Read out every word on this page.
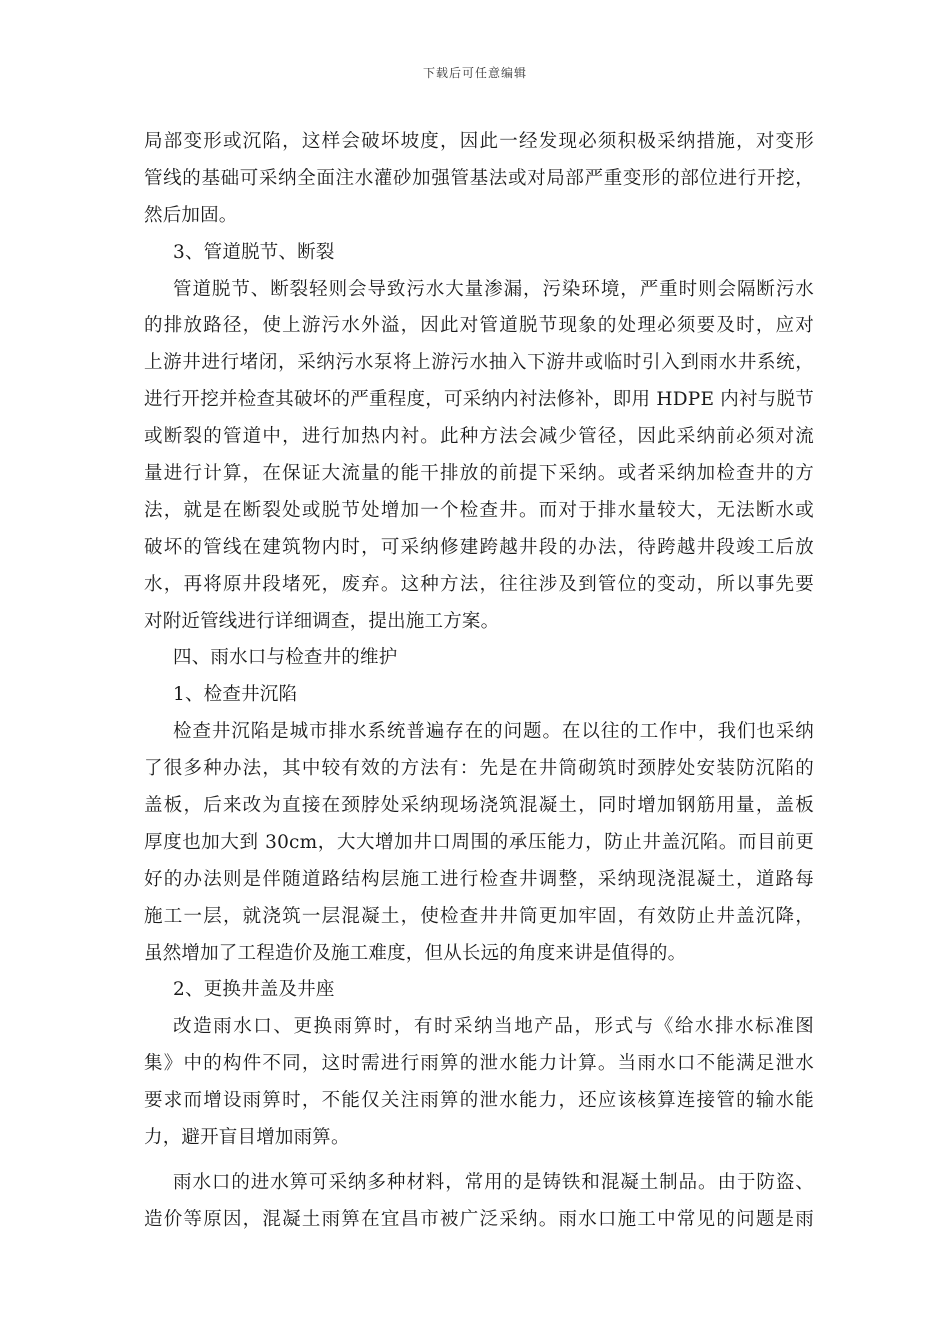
下载后可任意编辑
局部变形或沉陷，这样会破坏坡度，因此一经发现必须积极采纳措施，对变形
管线的基础可采纳全面注水灌砂加强管基法或对局部严重变形的部位进行开挖，
然后加固。
3、管道脱节、断裂
管道脱节、断裂轻则会导致污水大量渗漏，污染环境，严重时则会隔断污水
的排放路径，使上游污水外溢，因此对管道脱节现象的处理必须要及时，应对
上游井进行堵闭，采纳污水泵将上游污水抽入下游井或临时引入到雨水井系统，
进行开挖并检查其破坏的严重程度，可采纳内衬法修补，即用 HDPE 内衬与脱节
或断裂的管道中，进行加热内衬。此种方法会减少管径，因此采纳前必须对流
量进行计算，在保证大流量的能干排放的前提下采纳。或者采纳加检查井的方
法，就是在断裂处或脱节处增加一个检查井。而对于排水量较大，无法断水或
破坏的管线在建筑物内时，可采纳修建跨越井段的办法，待跨越井段竣工后放
水，再将原井段堵死，废弃。这种方法，往往涉及到管位的变动，所以事先要
对附近管线进行详细调查，提出施工方案。
四、雨水口与检查井的维护
1、检查井沉陷
检查井沉陷是城市排水系统普遍存在的问题。在以往的工作中，我们也采纳
了很多种办法，其中较有效的方法有：先是在井筒砌筑时颈脖处安装防沉陷的
盖板，后来改为直接在颈脖处采纳现场浇筑混凝土，同时增加钢筋用量，盖板
厚度也加大到 30cm，大大增加井口周围的承压能力，防止井盖沉陷。而目前更
好的办法则是伴随道路结构层施工进行检查井调整，采纳现浇混凝土，道路每
施工一层，就浇筑一层混凝土，使检查井井筒更加牢固，有效防止井盖沉降，
虽然增加了工程造价及施工难度，但从长远的角度来讲是值得的。
2、更换井盖及井座
改造雨水口、更换雨箅时，有时采纳当地产品，形式与《给水排水标准图
集》中的构件不同，这时需进行雨箅的泄水能力计算。当雨水口不能满足泄水
要求而增设雨箅时，不能仅关注雨箅的泄水能力，还应该核算连接管的输水能
力，避开盲目增加雨箅。
雨水口的进水箅可采纳多种材料，常用的是铸铁和混凝土制品。由于防盗、
造价等原因，混凝土雨箅在宜昌市被广泛采纳。雨水口施工中常见的问题是雨
